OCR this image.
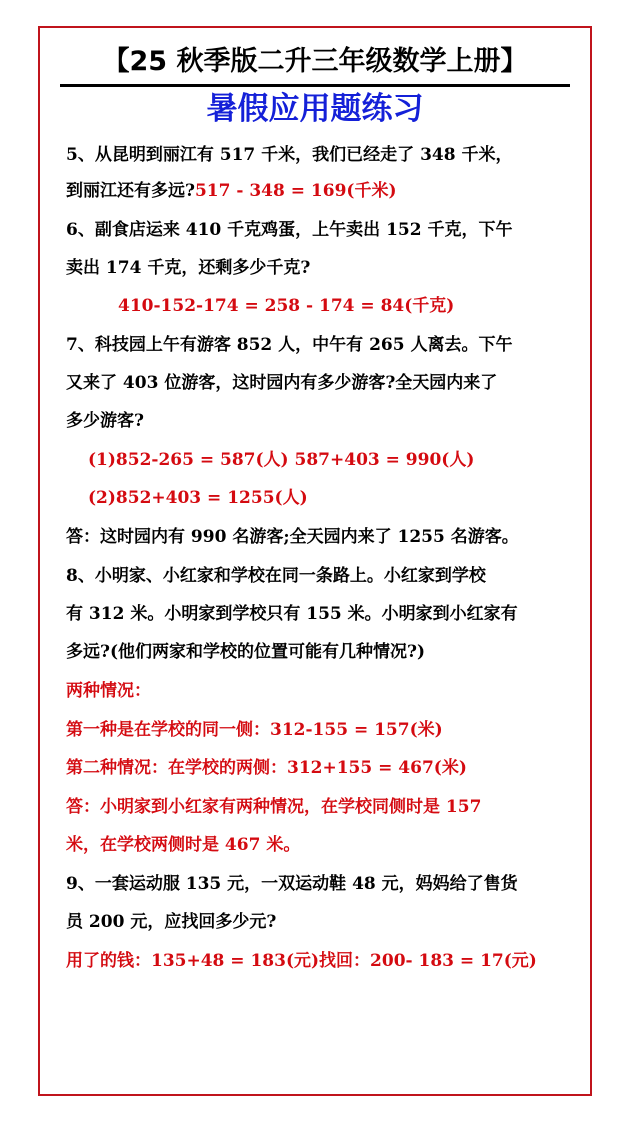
【25 秋季版二升三年级数学上册】
暑假应用题练习
5、从昆明到丽江有 517 千米，我们已经走了 348 千米，
到丽江还有多远?517 - 348 = 169(千米)
6、副食店运来 410 千克鸡蛋，上午卖出 152 千克，下午
卖出 174 千克，还剩多少千克?
410-152-174 = 258 - 174 = 84(千克)
7、科技园上午有游客 852 人，中午有 265 人离去。下午
又来了 403 位游客，这时园内有多少游客?全天园内来了
多少游客?
(1)852-265 = 587(人) 587+403 = 990(人)
(2)852+403 = 1255(人)
答：这时园内有 990 名游客;全天园内来了 1255 名游客。
8、小明家、小红家和学校在同一条路上。小红家到学校
有 312 米。小明家到学校只有 155 米。小明家到小红家有
多远?(他们两家和学校的位置可能有几种情况?)
两种情况：
第一种是在学校的同一侧：312-155 = 157(米)
第二种情况：在学校的两侧：312+155 = 467(米)
答：小明家到小红家有两种情况，在学校同侧时是 157
米，在学校两侧时是 467 米。
9、一套运动服 135 元，一双运动鞋 48 元，妈妈给了售货
员 200 元，应找回多少元?
用了的钱：135+48 = 183(元)找回：200- 183 = 17(元)
